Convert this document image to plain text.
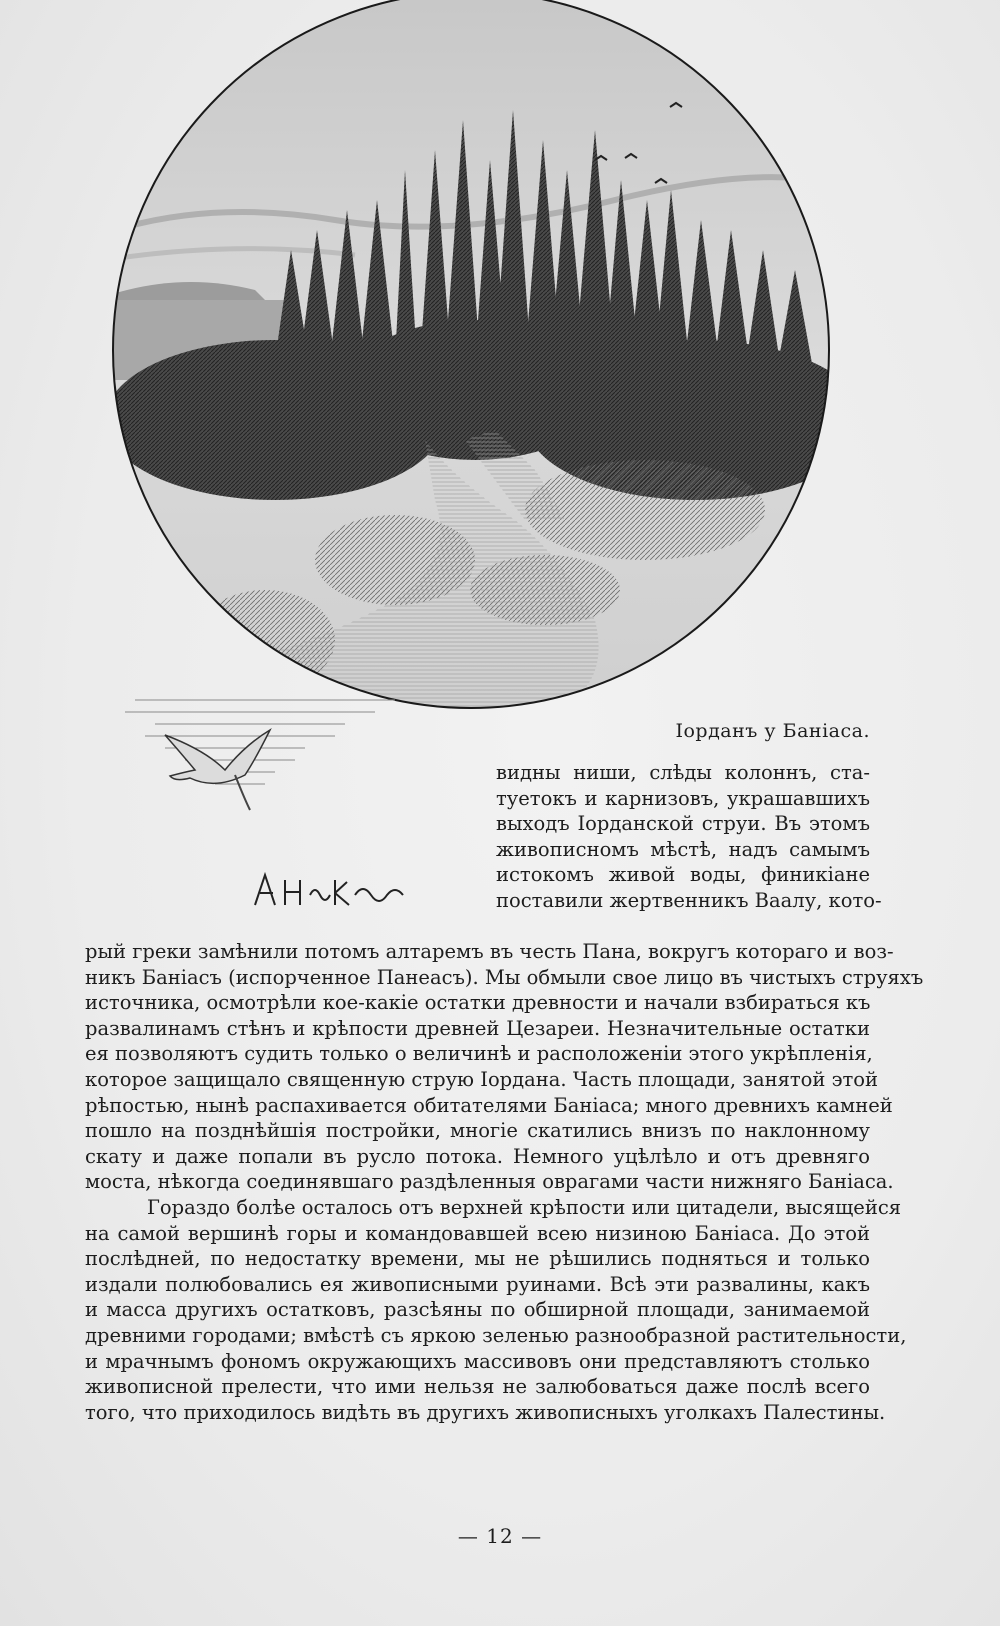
Іорданъ у Баніаса.
видны ниши, слѣды колоннъ, ста-
туетокъ и карнизовъ, украшавшихъ
выходъ Іорданской струи. Въ этомъ
живописномъ мѣстѣ, надъ самымъ
истокомъ живой воды, финикіане
поставили жертвенникъ Ваалу, кото-
рый греки замѣнили потомъ алтаремъ въ честь Пана, вокругъ котораго и воз-
никъ Баніасъ (испорченное Панеасъ). Мы обмыли свое лицо въ чистыхъ струяхъ
источника, осмотрѣли кое-какіе остатки древности и начали взбираться къ
развалинамъ стѣнъ и крѣпости древней Цезареи. Незначительные остатки
ея позволяютъ судить только о величинѣ и расположеніи этого укрѣпленія,
которое защищало священную струю Іордана. Часть площади, занятой этой
рѣпостью, нынѣ распахивается обитателями Баніаса; много древнихъ камней
пошло на позднѣйшія постройки, многіе скатились внизъ по наклонному
скату и даже попали въ русло потока. Немного уцѣлѣло и отъ древняго
моста, нѣкогда соединявшаго раздѣленныя оврагами части нижняго Баніаса.
Гораздо болѣе осталось отъ верхней крѣпости или цитадели, высящейся
на самой вершинѣ горы и командовавшей всею низиною Баніаса. До этой
послѣдней, по недостатку времени, мы не рѣшились подняться и только
издали полюбовались ея живописными руинами. Всѣ эти развалины, какъ
и масса другихъ остатковъ, разсѣяны по обширной площади, занимаемой
древними городами; вмѣстѣ съ яркою зеленью разнообразной растительности,
и мрачнымъ фономъ окружающихъ массивовъ они представляютъ столько
живописной прелести, что ими нельзя не залюбоваться даже послѣ всего
того, что приходилось видѣть въ другихъ живописныхъ уголкахъ Палестины.
— 12 —
